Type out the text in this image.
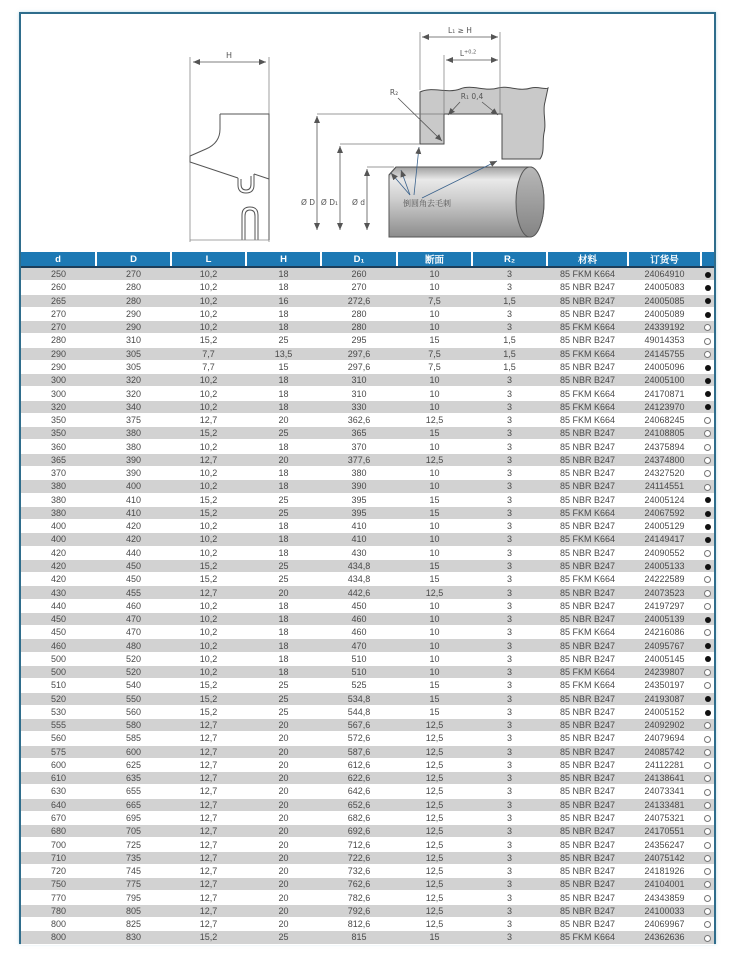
H
L₁ ≥ H
$L^{+0,2}$
R₂	R₁ 0,4
Ø D Ø D₁ Ø d	倒圆角去毛刺
d	D	L	H	D₁	断面	R₂	材料	订货号	
250	270	10,2	18	260	10	3	85 FKM K664	24064910	
260	280	10,2	18	270	10	3	85 NBR B247	24005083	
265	280	10,2	16	272,6	7,5	1,5	85 NBR B247	24005085	
270	290	10,2	18	280	10	3	85 NBR B247	24005089	
270	290	10,2	18	280	10	3	85 FKM K664	24339192	
280	310	15,2	25	295	15	1,5	85 NBR B247	49014353	
290	305	7,7	13,5	297,6	7,5	1,5	85 FKM K664	24145755	
290	305	7,7	15	297,6	7,5	1,5	85 NBR B247	24005096	
300	320	10,2	18	310	10	3	85 NBR B247	24005100	
300	320	10,2	18	310	10	3	85 FKM K664	24170871	
320	340	10,2	18	330	10	3	85 FKM K664	24123970	
350	375	12,7	20	362,6	12,5	3	85 FKM K664	24068245	
350	380	15,2	25	365	15	3	85 NBR B247	24108805	
360	380	10,2	18	370	10	3	85 NBR B247	24375894	
365	390	12,7	20	377,6	12,5	3	85 NBR B247	24374800	
370	390	10,2	18	380	10	3	85 NBR B247	24327520	
380	400	10,2	18	390	10	3	85 NBR B247	24114551	
380	410	15,2	25	395	15	3	85 NBR B247	24005124	
380	410	15,2	25	395	15	3	85 FKM K664	24067592	
400	420	10,2	18	410	10	3	85 NBR B247	24005129	
400	420	10,2	18	410	10	3	85 FKM K664	24149417	
420	440	10,2	18	430	10	3	85 NBR B247	24090552	
420	450	15,2	25	434,8	15	3	85 NBR B247	24005133	
420	450	15,2	25	434,8	15	3	85 FKM K664	24222589	
430	455	12,7	20	442,6	12,5	3	85 NBR B247	24073523	
440	460	10,2	18	450	10	3	85 NBR B247	24197297	
450	470	10,2	18	460	10	3	85 NBR B247	24005139	
450	470	10,2	18	460	10	3	85 FKM K664	24216086	
460	480	10,2	18	470	10	3	85 NBR B247	24095767	
500	520	10,2	18	510	10	3	85 NBR B247	24005145	
500	520	10,2	18	510	10	3	85 FKM K664	24239807	
510	540	15,2	25	525	15	3	85 FKM K664	24350197	
520	550	15,2	25	534,8	15	3	85 NBR B247	24193087	
530	560	15,2	25	544,8	15	3	85 NBR B247	24005152	
555	580	12,7	20	567,6	12,5	3	85 NBR B247	24092902	
560	585	12,7	20	572,6	12,5	3	85 NBR B247	24079694	
575	600	12,7	20	587,6	12,5	3	85 NBR B247	24085742	
600	625	12,7	20	612,6	12,5	3	85 NBR B247	24112281	
610	635	12,7	20	622,6	12,5	3	85 NBR B247	24138641	
630	655	12,7	20	642,6	12,5	3	85 NBR B247	24073341	
640	665	12,7	20	652,6	12,5	3	85 NBR B247	24133481	
670	695	12,7	20	682,6	12,5	3	85 NBR B247	24075321	
680	705	12,7	20	692,6	12,5	3	85 NBR B247	24170551	
700	725	12,7	20	712,6	12,5	3	85 NBR B247	24356247	
710	735	12,7	20	722,6	12,5	3	85 NBR B247	24075142	
720	745	12,7	20	732,6	12,5	3	85 NBR B247	24181926	
750	775	12,7	20	762,6	12,5	3	85 NBR B247	24104001	
770	795	12,7	20	782,6	12,5	3	85 NBR B247	24343859	
780	805	12,7	20	792,6	12,5	3	85 NBR B247	24100033	
800	825	12,7	20	812,6	12,5	3	85 NBR B247	24069967	
800	830	15,2	25	815	15	3	85 FKM K664	24362636	
